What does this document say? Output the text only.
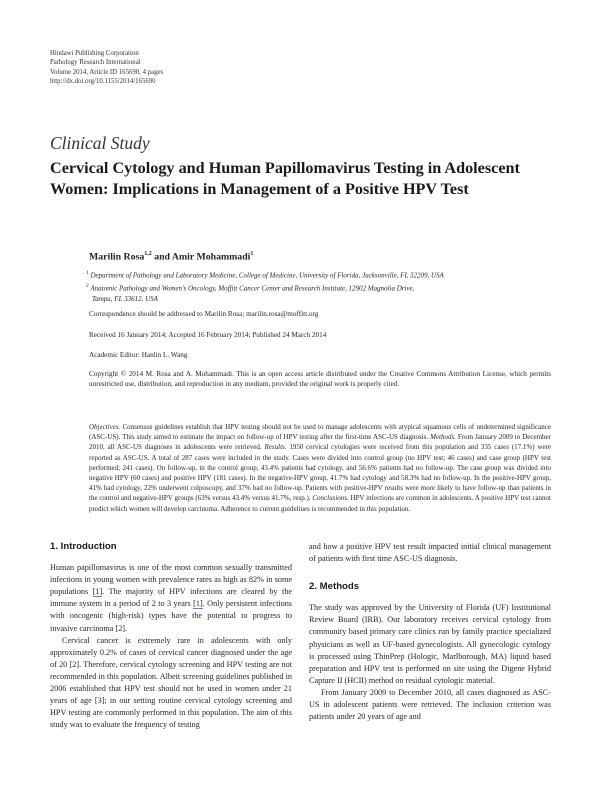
Hindawi Publishing Corporation
Pathology Research International
Volume 2014, Article ID 165690, 4 pages
http://dx.doi.org/10.1155/2014/165690
Clinical Study
Cervical Cytology and Human Papillomavirus Testing in Adolescent Women: Implications in Management of a Positive HPV Test
Marilin Rosa$^{1,2}$ and Amir Mohammadi$^1$
$^1$ Department of Pathology and Laboratory Medicine, College of Medicine, University of Florida, Jacksonville, FL 32209, USA
$^2$ Anatomic Pathology and Women’s Oncology, Moffitt Cancer Center and Research Institute, 12902 Magnolia Drive,
Tampa, FL 33612, USA
Correspondence should be addressed to Marilin Rosa; marilin.rosa@moffitt.org
Received 16 January 2014; Accepted 16 February 2014; Published 24 March 2014
Academic Editor: Hanlin L. Wang
Copyright © 2014 M. Rosa and A. Mohammadi. This is an open access article distributed under the Creative Commons Attribution License, which permits unrestricted use, distribution, and reproduction in any medium, provided the original work is properly cited.
Objectives. Consensus guidelines establish that HPV testing should not be used to manage adolescents with atypical squamous cells of undetermined significance (ASC-US). This study aimed to estimate the impact on follow-up of HPV testing after the first-time ASC-US diagnosis. Methods. From January 2009 to December 2010, all ASC-US diagnoses in adolescents were retrieved. Results. 1950 cervical cytologies were received from this population and 335 cases (17.1%) were reported as ASC-US. A total of 287 cases were included in the study. Cases were divided into control group (no HPV test; 46 cases) and case group (HPV test performed; 241 cases). On follow-up, in the control group, 43.4% patients had cytology, and 56.6% patients had no follow-up. The case group was divided into negative HPV (60 cases) and positive HPV (181 cases). In the negative-HPV group, 41.7% had cytology and 58.3% had no follow-up. In the positive-HPV group, 41% had cytology, 22% underwent colposcopy, and 37% had no follow-up. Patients with positive-HPV results were more likely to have follow-up than patients in the control and negative-HPV groups (63% versus 43.4% versus 41.7%, resp.). Conclusions. HPV infections are common in adolescents. A positive HPV test cannot predict which women will develop carcinoma. Adherence to current guidelines is recommended in this population.
1. Introduction

Human papillomavirus is one of the most common sexually transmitted infections in young women with prevalence rates as high as 82% in some populations [1]. The majority of HPV infections are cleared by the immune system in a period of 2 to 3 years [1]. Only persistent infections with oncogenic (high-risk) types have the potential to progress to invasive carcinoma [2].

Cervical cancer is extremely rare in adolescents with only approximately 0.2% of cases of cervical cancer diagnosed under the age of 20 [2]. Therefore, cervical cytology screening and HPV testing are not recommended in this population. Albeit screening guidelines published in 2006 established that HPV test should not be used in women under 21 years of age [3]; in our setting routine cervical cytology screening and HPV testing are commonly performed in this population. The aim of this study was to evaluate the frequency of testing

and how a positive HPV test result impacted initial clinical management of patients with first time ASC-US diagnosis.

2. Methods

The study was approved by the University of Florida (UF) Institutional Review Board (IRB). Our laboratory receives cervical cytology from community based primary care clinics run by family practice specialized physicians as well as UF-based gynecologists. All gynecologic cytology is processed using ThinPrep (Hologic, Marlborough, MA) liquid based preparation and HPV test is performed on site using the Digene Hybrid Capture II (HCII) method on residual cytologic material.

From January 2009 to December 2010, all cases diagnosed as ASC-US in adolescent patients were retrieved. The inclusion criterion was patients under 20 years of age and
